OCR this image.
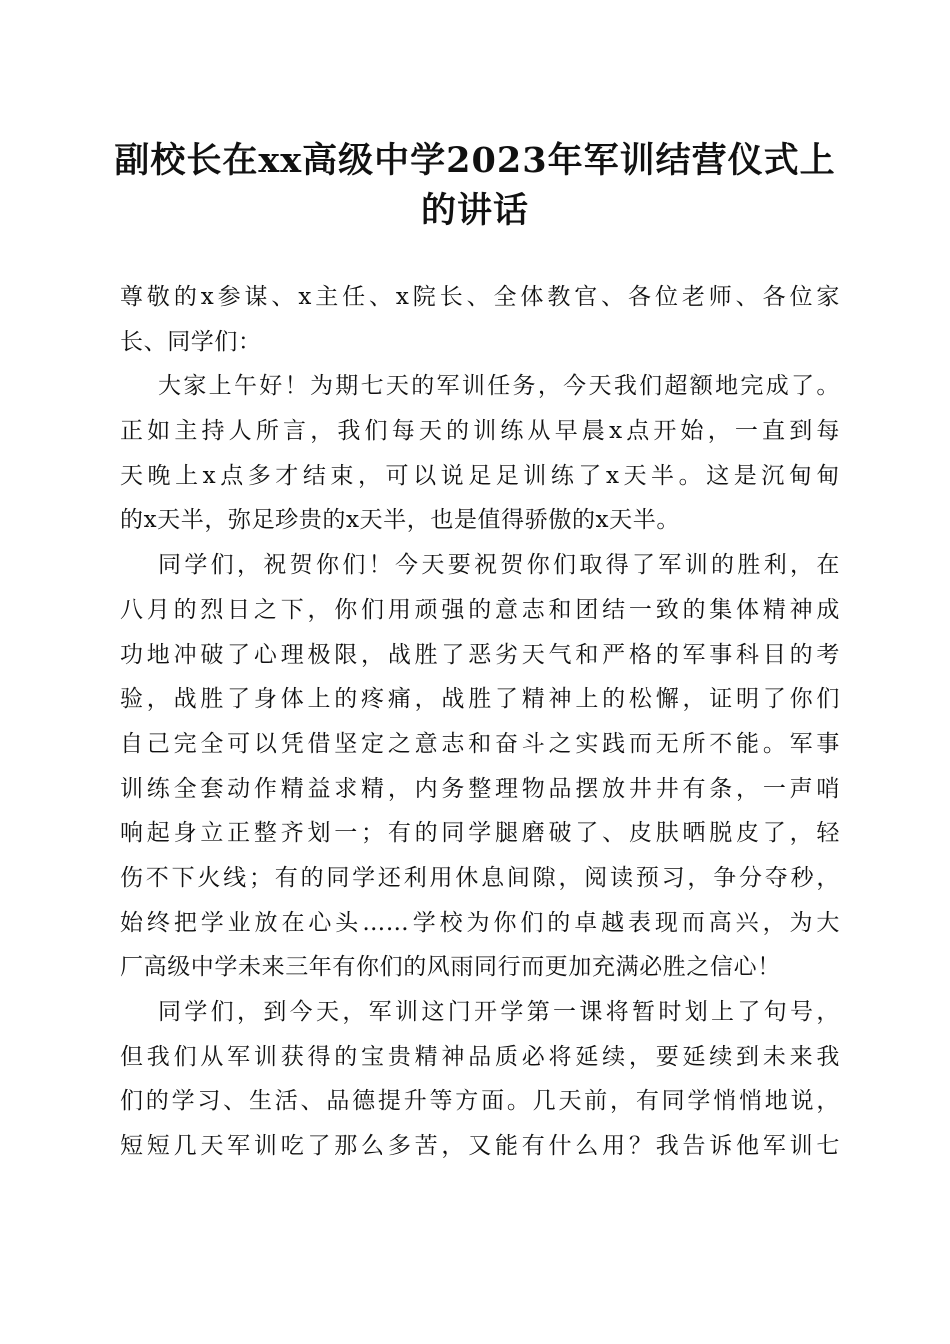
副校长在xx高级中学2023年军训结营仪式上
的讲话
尊敬的x参谋、x主任、x院长、全体教官、各位老师、各位家
长、同学们：
大家上午好！为期七天的军训任务，今天我们超额地完成了。
正如主持人所言，我们每天的训练从早晨x点开始，一直到每
天晚上x点多才结束，可以说足足训练了x天半。这是沉甸甸
的x天半，弥足珍贵的x天半，也是值得骄傲的x天半。
同学们，祝贺你们！今天要祝贺你们取得了军训的胜利，在
八月的烈日之下，你们用顽强的意志和团结一致的集体精神成
功地冲破了心理极限，战胜了恶劣天气和严格的军事科目的考
验，战胜了身体上的疼痛，战胜了精神上的松懈，证明了你们
自己完全可以凭借坚定之意志和奋斗之实践而无所不能。军事
训练全套动作精益求精，内务整理物品摆放井井有条，一声哨
响起身立正整齐划一；有的同学腿磨破了、皮肤晒脱皮了，轻
伤不下火线；有的同学还利用休息间隙，阅读预习，争分夺秒，
始终把学业放在心头……学校为你们的卓越表现而高兴，为大
厂高级中学未来三年有你们的风雨同行而更加充满必胜之信心！
同学们，到今天，军训这门开学第一课将暂时划上了句号，
但我们从军训获得的宝贵精神品质必将延续，要延续到未来我
们的学习、生活、品德提升等方面。几天前，有同学悄悄地说，
短短几天军训吃了那么多苦，又能有什么用？我告诉他军训七
